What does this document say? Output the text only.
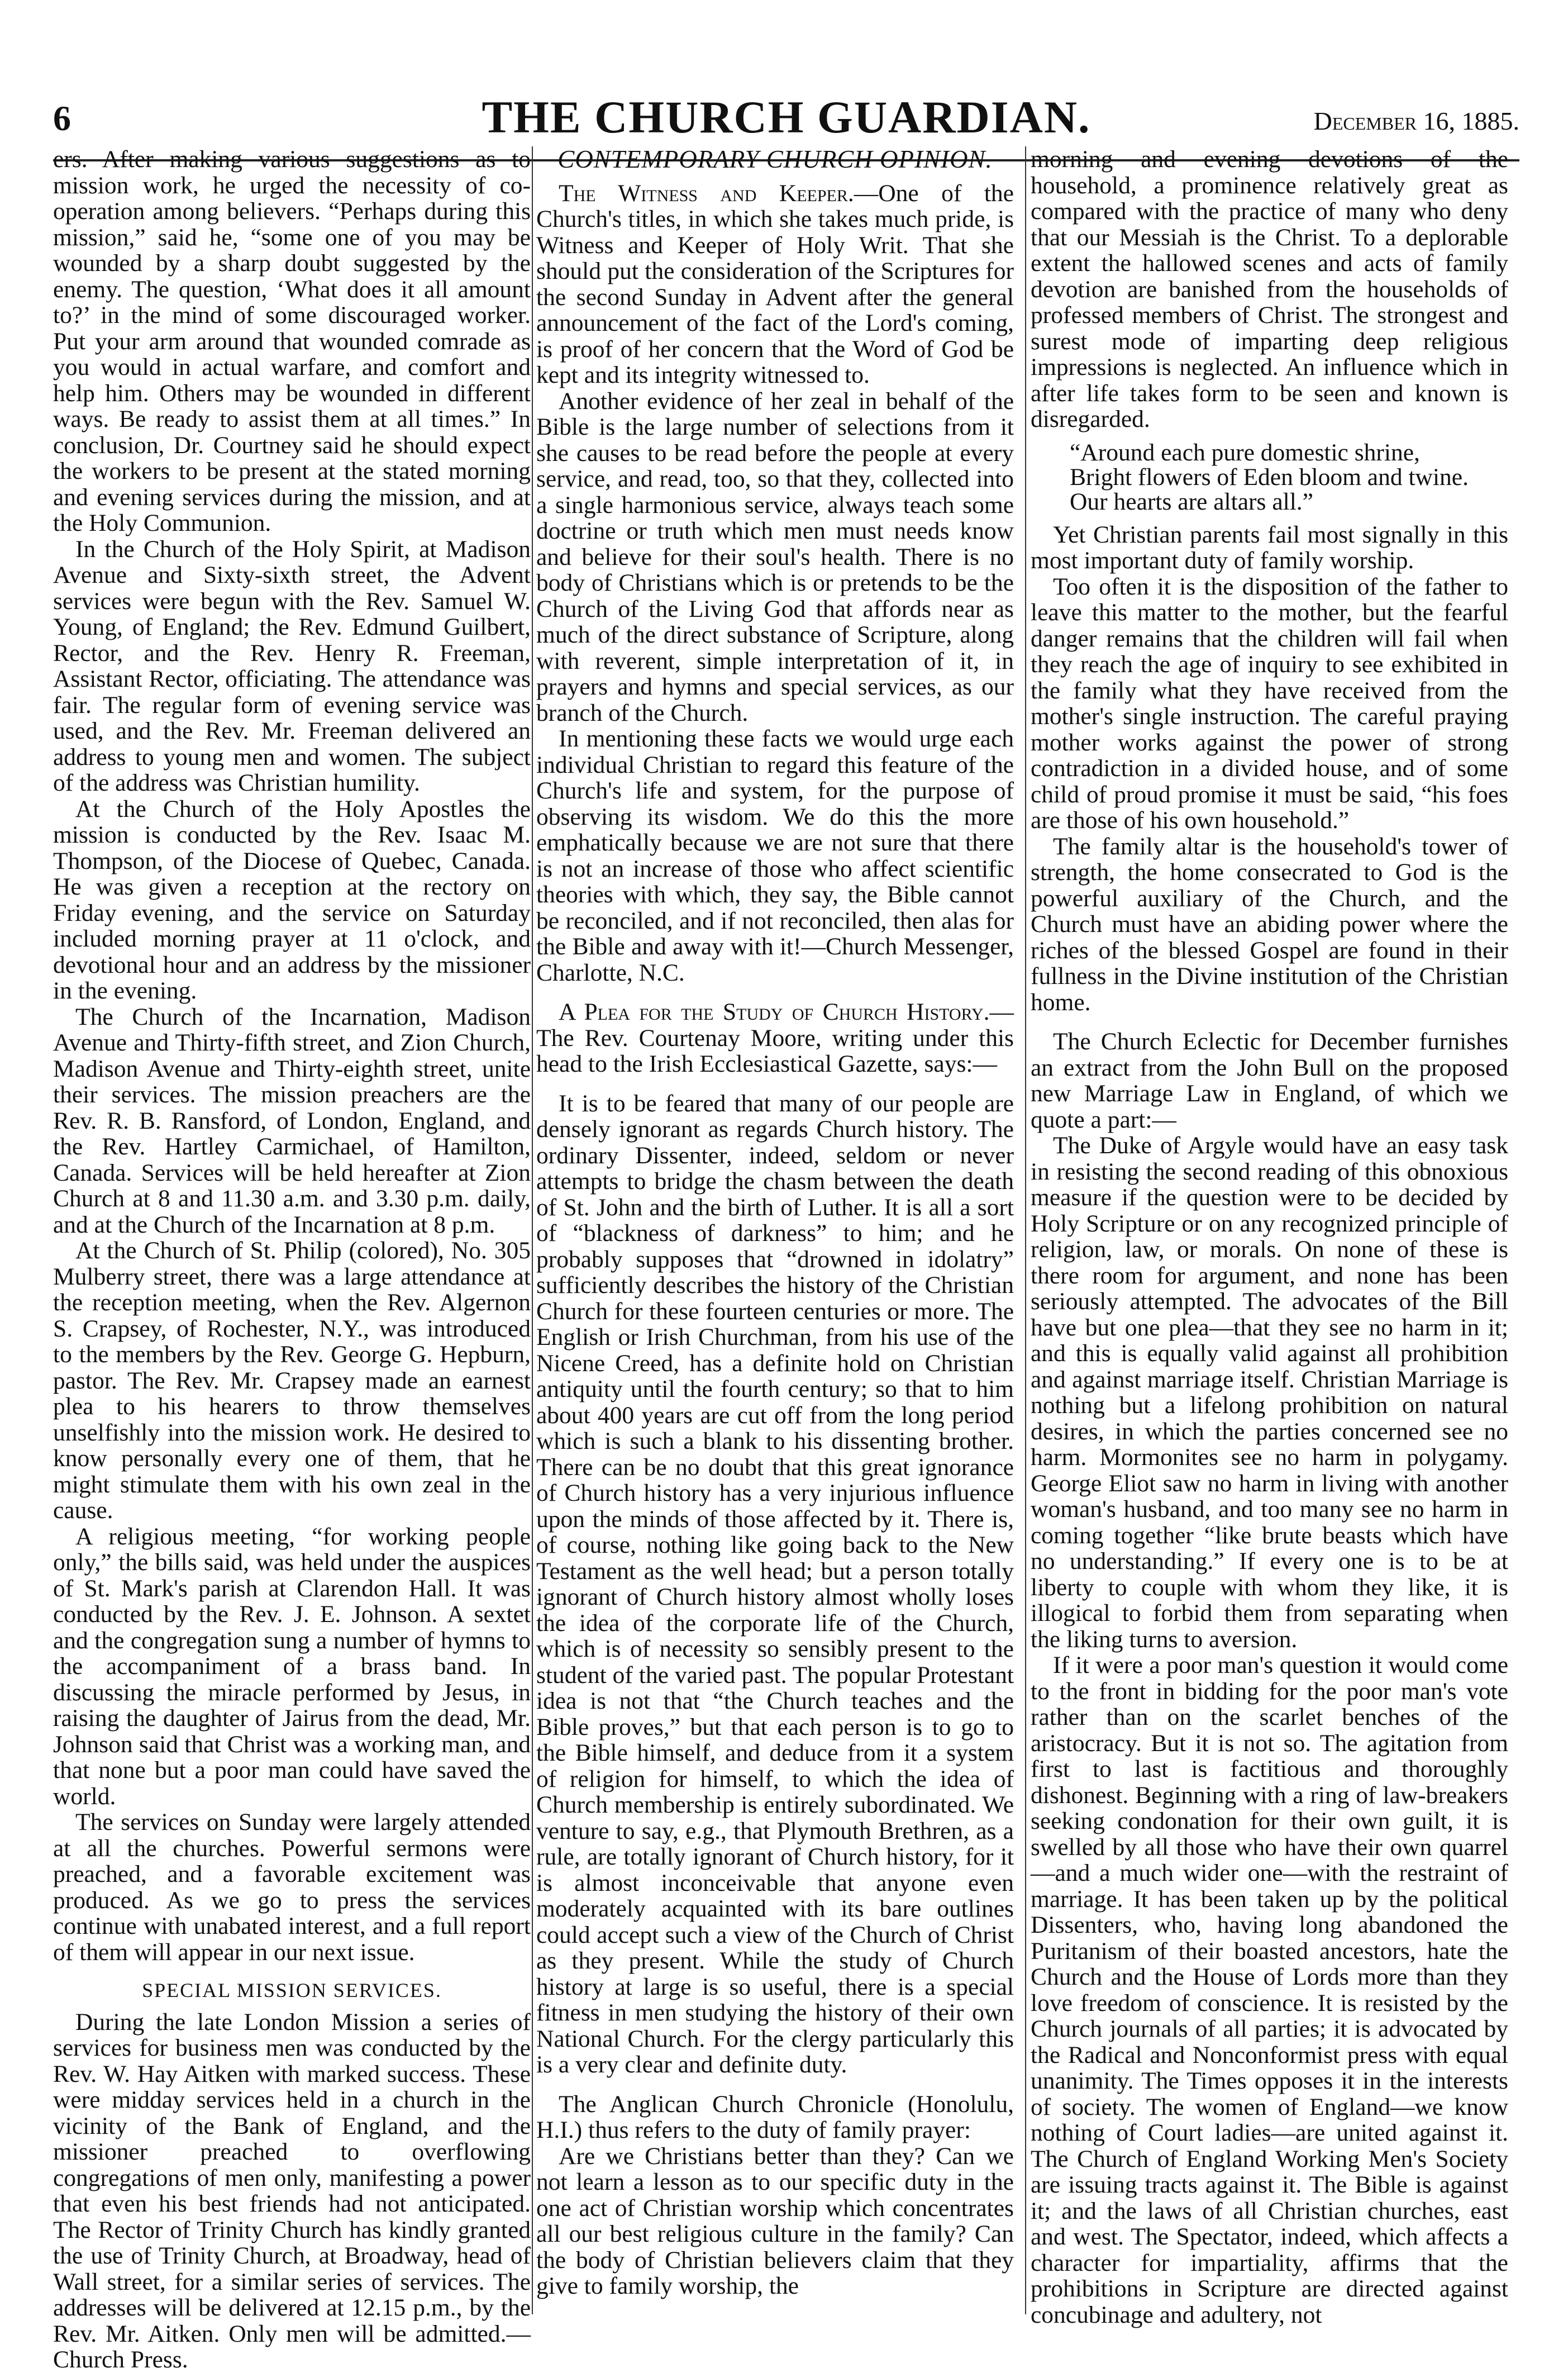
6	THE CHURCH GUARDIAN.	December 16, 1885.

ers. After making various suggestions as to mission work, he urged the necessity of co-operation among believers. “Perhaps during this mission,” said he, “some one of you may be wounded by a sharp doubt suggested by the enemy. The question, ‘What does it all amount to?’ in the mind of some discouraged worker. Put your arm around that wounded comrade as you would in actual warfare, and comfort and help him. Others may be wounded in different ways. Be ready to assist them at all times.” In conclusion, Dr. Courtney said he should expect the workers to be present at the stated morning and evening services during the mission, and at the Holy Communion.

In the Church of the Holy Spirit, at Madison Avenue and Sixty-sixth street, the Advent services were begun with the Rev. Samuel W. Young, of England; the Rev. Edmund Guilbert, Rector, and the Rev. Henry R. Freeman, Assistant Rector, officiating. The attendance was fair. The regular form of evening service was used, and the Rev. Mr. Freeman delivered an address to young men and women. The subject of the address was Christian humility.

At the Church of the Holy Apostles the mission is conducted by the Rev. Isaac M. Thompson, of the Diocese of Quebec, Canada. He was given a reception at the rectory on Friday evening, and the service on Saturday included morning prayer at 11 o'clock, and devotional hour and an address by the missioner in the evening.

The Church of the Incarnation, Madison Avenue and Thirty-fifth street, and Zion Church, Madison Avenue and Thirty-eighth street, unite their services. The mission preachers are the Rev. R. B. Ransford, of London, England, and the Rev. Hartley Carmichael, of Hamilton, Canada. Services will be held hereafter at Zion Church at 8 and 11.30 a.m. and 3.30 p.m. daily, and at the Church of the Incarnation at 8 p.m.

At the Church of St. Philip (colored), No. 305 Mulberry street, there was a large attendance at the reception meeting, when the Rev. Algernon S. Crapsey, of Rochester, N.Y., was introduced to the members by the Rev. George G. Hepburn, pastor. The Rev. Mr. Crapsey made an earnest plea to his hearers to throw themselves unselfishly into the mission work. He desired to know personally every one of them, that he might stimulate them with his own zeal in the cause.

A religious meeting, “for working people only,” the bills said, was held under the auspices of St. Mark's parish at Clarendon Hall. It was conducted by the Rev. J. E. Johnson. A sextet and the congregation sung a number of hymns to the accompaniment of a brass band. In discussing the miracle performed by Jesus, in raising the daughter of Jairus from the dead, Mr. Johnson said that Christ was a working man, and that none but a poor man could have saved the world.

The services on Sunday were largely attended at all the churches. Powerful sermons were preached, and a favorable excitement was produced. As we go to press the services continue with unabated interest, and a full report of them will appear in our next issue.

SPECIAL MISSION SERVICES.

During the late London Mission a series of services for business men was conducted by the Rev. W. Hay Aitken with marked success. These were midday services held in a church in the vicinity of the Bank of England, and the missioner preached to overflowing congregations of men only, manifesting a power that even his best friends had not anticipated. The Rector of Trinity Church has kindly granted the use of Trinity Church, at Broadway, head of Wall street, for a similar series of services. The addresses will be delivered at 12.15 p.m., by the Rev. Mr. Aitken. Only men will be admitted.—Church Press.

CONTEMPORARY CHURCH OPINION.

The Witness and Keeper.—One of the Church's titles, in which she takes much pride, is Witness and Keeper of Holy Writ. That she should put the consideration of the Scriptures for the second Sunday in Advent after the general announcement of the fact of the Lord's coming, is proof of her concern that the Word of God be kept and its integrity witnessed to.

Another evidence of her zeal in behalf of the Bible is the large number of selections from it she causes to be read before the people at every service, and read, too, so that they, collected into a single harmonious service, always teach some doctrine or truth which men must needs know and believe for their soul's health. There is no body of Christians which is or pretends to be the Church of the Living God that affords near as much of the direct substance of Scripture, along with reverent, simple interpretation of it, in prayers and hymns and special services, as our branch of the Church.

In mentioning these facts we would urge each individual Christian to regard this feature of the Church's life and system, for the purpose of observing its wisdom. We do this the more emphatically because we are not sure that there is not an increase of those who affect scientific theories with which, they say, the Bible cannot be reconciled, and if not reconciled, then alas for the Bible and away with it!—Church Messenger, Charlotte, N.C.

A Plea for the Study of Church History.—The Rev. Courtenay Moore, writing under this head to the Irish Ecclesiastical Gazette, says:—

It is to be feared that many of our people are densely ignorant as regards Church history. The ordinary Dissenter, indeed, seldom or never attempts to bridge the chasm between the death of St. John and the birth of Luther. It is all a sort of “blackness of darkness” to him; and he probably supposes that “drowned in idolatry” sufficiently describes the history of the Christian Church for these fourteen centuries or more. The English or Irish Churchman, from his use of the Nicene Creed, has a definite hold on Christian antiquity until the fourth century; so that to him about 400 years are cut off from the long period which is such a blank to his dissenting brother. There can be no doubt that this great ignorance of Church history has a very injurious influence upon the minds of those affected by it. There is, of course, nothing like going back to the New Testament as the well head; but a person totally ignorant of Church history almost wholly loses the idea of the corporate life of the Church, which is of necessity so sensibly present to the student of the varied past. The popular Protestant idea is not that “the Church teaches and the Bible proves,” but that each person is to go to the Bible himself, and deduce from it a system of religion for himself, to which the idea of Church membership is entirely subordinated. We venture to say, e.g., that Plymouth Brethren, as a rule, are totally ignorant of Church history, for it is almost inconceivable that anyone even moderately acquainted with its bare outlines could accept such a view of the Church of Christ as they present. While the study of Church history at large is so useful, there is a special fitness in men studying the history of their own National Church. For the clergy particularly this is a very clear and definite duty.

The Anglican Church Chronicle (Honolulu, H.I.) thus refers to the duty of family prayer:

Are we Christians better than they? Can we not learn a lesson as to our specific duty in the one act of Christian worship which concentrates all our best religious culture in the family? Can the body of Christian believers claim that they give to family worship, the

morning and evening devotions of the household, a prominence relatively great as compared with the practice of many who deny that our Messiah is the Christ. To a deplorable extent the hallowed scenes and acts of family devotion are banished from the households of professed members of Christ. The strongest and surest mode of imparting deep religious impressions is neglected. An influence which in after life takes form to be seen and known is disregarded.

“Around each pure domestic shrine,
Bright flowers of Eden bloom and twine.
Our hearts are altars all.”

Yet Christian parents fail most signally in this most important duty of family worship.

Too often it is the disposition of the father to leave this matter to the mother, but the fearful danger remains that the children will fail when they reach the age of inquiry to see exhibited in the family what they have received from the mother's single instruction. The careful praying mother works against the power of strong contradiction in a divided house, and of some child of proud promise it must be said, “his foes are those of his own household.”

The family altar is the household's tower of strength, the home consecrated to God is the powerful auxiliary of the Church, and the Church must have an abiding power where the riches of the blessed Gospel are found in their fullness in the Divine institution of the Christian home.

The Church Eclectic for December furnishes an extract from the John Bull on the proposed new Marriage Law in England, of which we quote a part:—

The Duke of Argyle would have an easy task in resisting the second reading of this obnoxious measure if the question were to be decided by Holy Scripture or on any recognized principle of religion, law, or morals. On none of these is there room for argument, and none has been seriously attempted. The advocates of the Bill have but one plea—that they see no harm in it; and this is equally valid against all prohibition and against marriage itself. Christian Marriage is nothing but a lifelong prohibition on natural desires, in which the parties concerned see no harm. Mormonites see no harm in polygamy. George Eliot saw no harm in living with another woman's husband, and too many see no harm in coming together “like brute beasts which have no understanding.” If every one is to be at liberty to couple with whom they like, it is illogical to forbid them from separating when the liking turns to aversion.

If it were a poor man's question it would come to the front in bidding for the poor man's vote rather than on the scarlet benches of the aristocracy. But it is not so. The agitation from first to last is factitious and thoroughly dishonest. Beginning with a ring of law-breakers seeking condonation for their own guilt, it is swelled by all those who have their own quarrel—and a much wider one—with the restraint of marriage. It has been taken up by the political Dissenters, who, having long abandoned the Puritanism of their boasted ancestors, hate the Church and the House of Lords more than they love freedom of conscience. It is resisted by the Church journals of all parties; it is advocated by the Radical and Nonconformist press with equal unanimity. The Times opposes it in the interests of society. The women of England—we know nothing of Court ladies—are united against it. The Church of England Working Men's Society are issuing tracts against it. The Bible is against it; and the laws of all Christian churches, east and west. The Spectator, indeed, which affects a character for impartiality, affirms that the prohibitions in Scripture are directed against concubinage and adultery, not
